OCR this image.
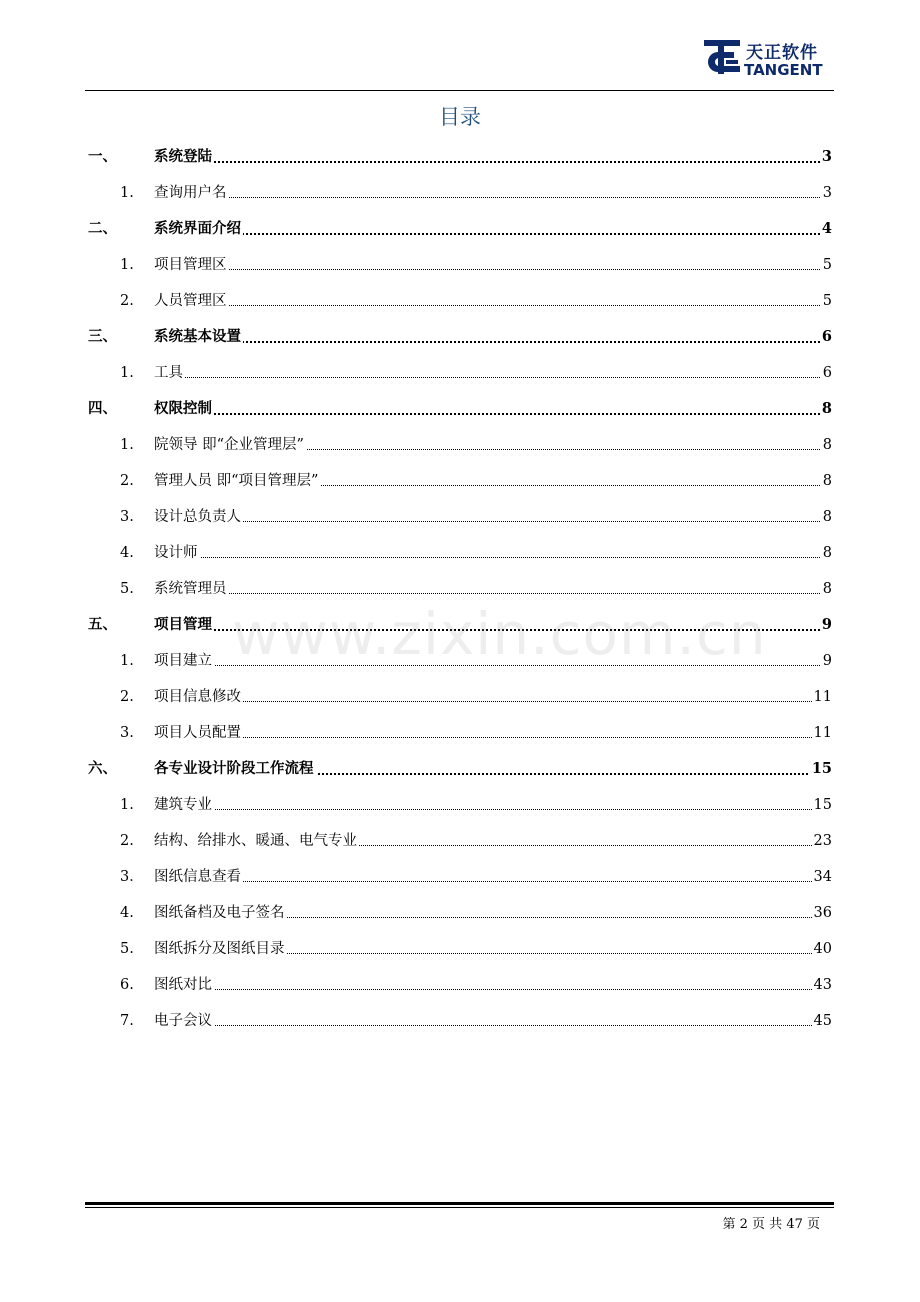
天正软件
TANGENT
目录
一、	系统登陆	3
1. 查询用户名	3
二、	系统界面介绍	4
1. 项目管理区	5
2. 人员管理区	5
三、	系统基本设置	6
1. 工具	6
四、	权限控制	8
1. 院领导 即“企业管理层”	8
2. 管理人员 即“项目管理层”	8
3. 设计总负责人	8
4. 设计师	8
5. 系统管理员	8
五、	项目管理	9
1. 项目建立	9
2. 项目信息修改	11
3. 项目人员配置	11
六、	各专业设计阶段工作流程	15
1. 建筑专业	15
2. 结构、给排水、暖通、电气专业	23
3． 图纸信息查看	34
4. 图纸备档及电子签名	36
5. 图纸拆分及图纸目录	40
6. 图纸对比	43
7. 电子会议	45
www.zixin.com.cn
第 2 页 共 47 页
